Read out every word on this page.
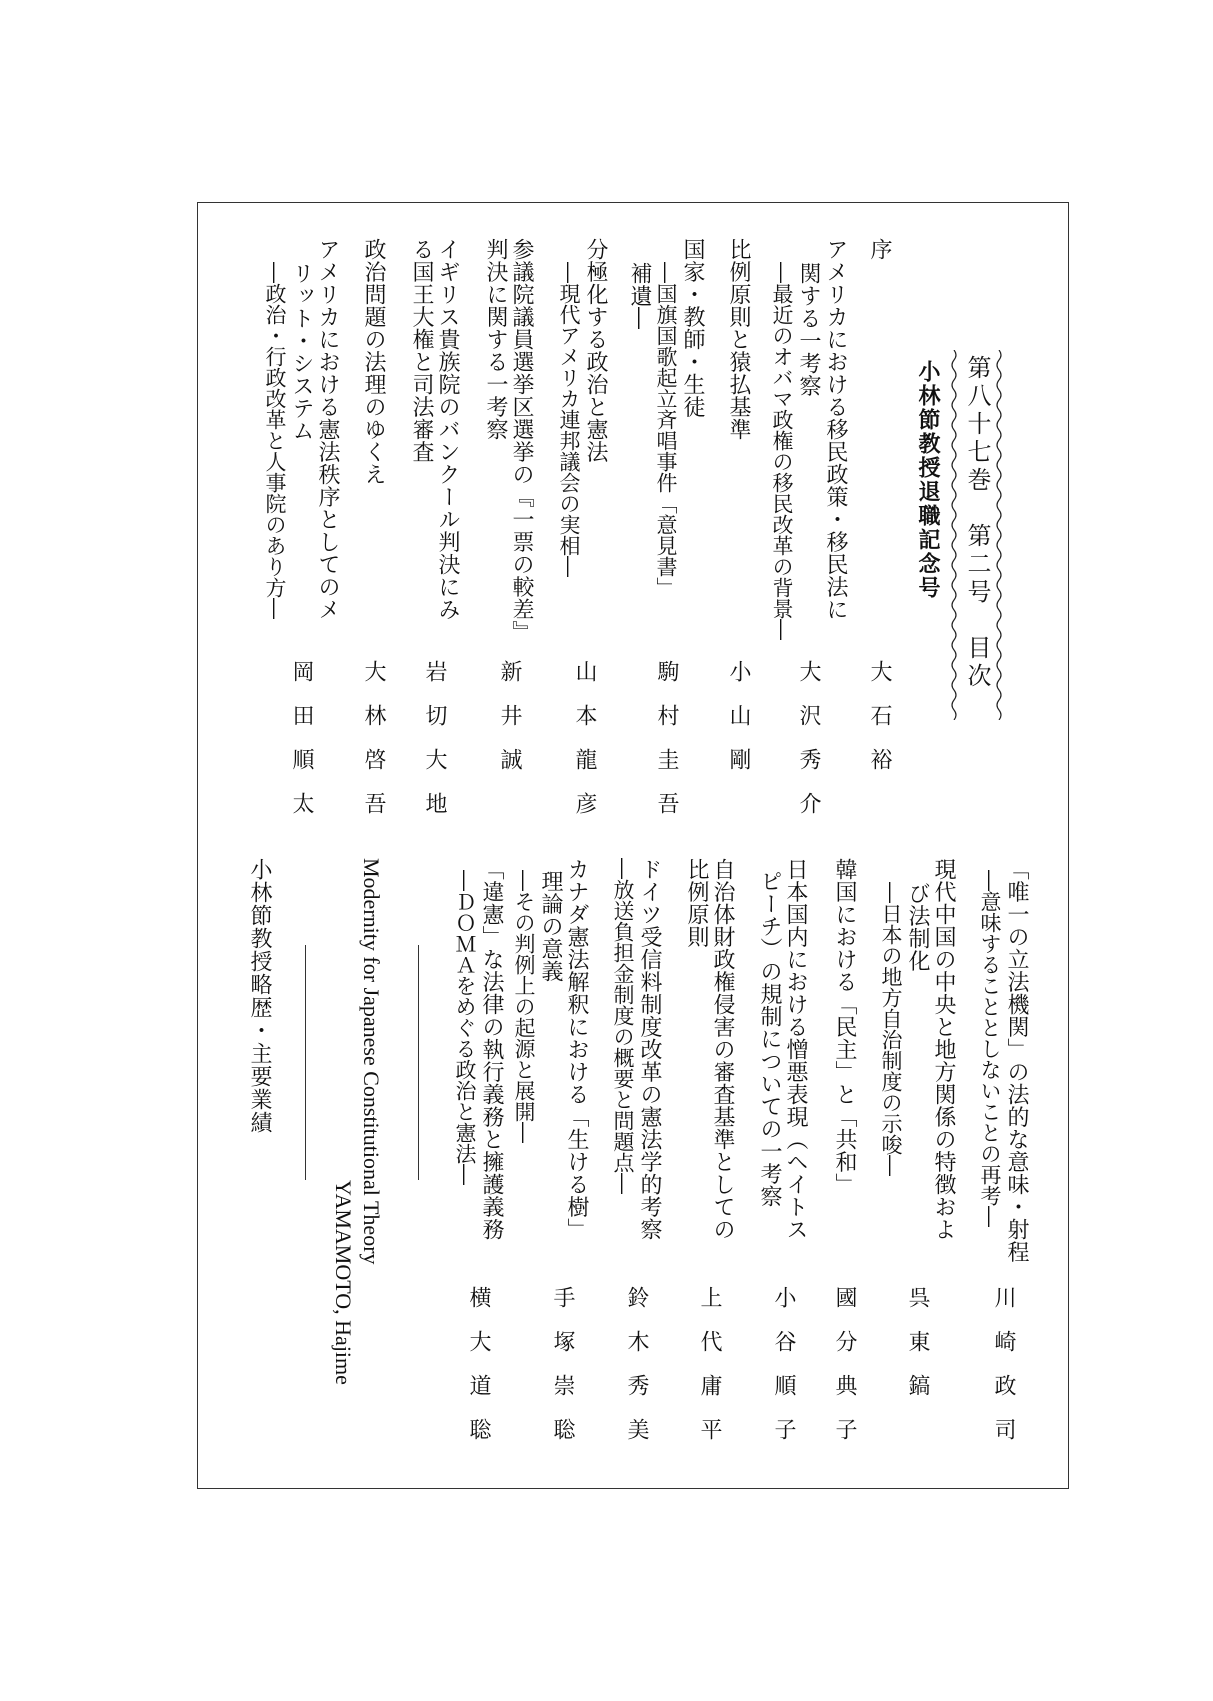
第八十七巻　第二号　目次
小林節教授退職記念号
序
大石裕
アメリカにおける移民政策・移民法に
関する一考察
―最近のオバマ政権の移民改革の背景―
大沢秀介
比例原則と猿払基準
小山剛
国家・教師・生徒
―国旗国歌起立斉唱事件「意見書」
補遺―
駒村圭吾
分極化する政治と憲法
―現代アメリカ連邦議会の実相―
山本龍彦
参議院議員選挙区選挙の『一票の較差』
判決に関する一考察
新井誠
イギリス貴族院のバンクール判決にみ
る国王大権と司法審査
岩切大地
政治問題の法理のゆくえ
大林啓吾
アメリカにおける憲法秩序としてのメ
リット・システム
―政治・行政改革と人事院のあり方―
岡田順太
「唯一の立法機関」の法的な意味・射程
―意味することとしないことの再考―
川崎政司
現代中国の中央と地方関係の特徴およ
び法制化
―日本の地方自治制度の示唆―
呉東鎬
韓国における「民主」と「共和」
國分典子
日本国内における憎悪表現（ヘイトス
ピーチ）の規制についての一考察
小谷順子
自治体財政権侵害の審査基準としての
比例原則
上代庸平
ドイツ受信料制度改革の憲法学的考察
―放送負担金制度の概要と問題点―
鈴木秀美
カナダ憲法解釈における「生ける樹」
理論の意義
―その判例上の起源と展開―
手塚崇聡
「違憲」な法律の執行義務と擁護義務
―ＤＯＭＡをめぐる政治と憲法―
横大道聡
Modernity for Japanese Constitutional Theory
YAMAMOTO, Hajime
小林節教授略歴・主要業績
